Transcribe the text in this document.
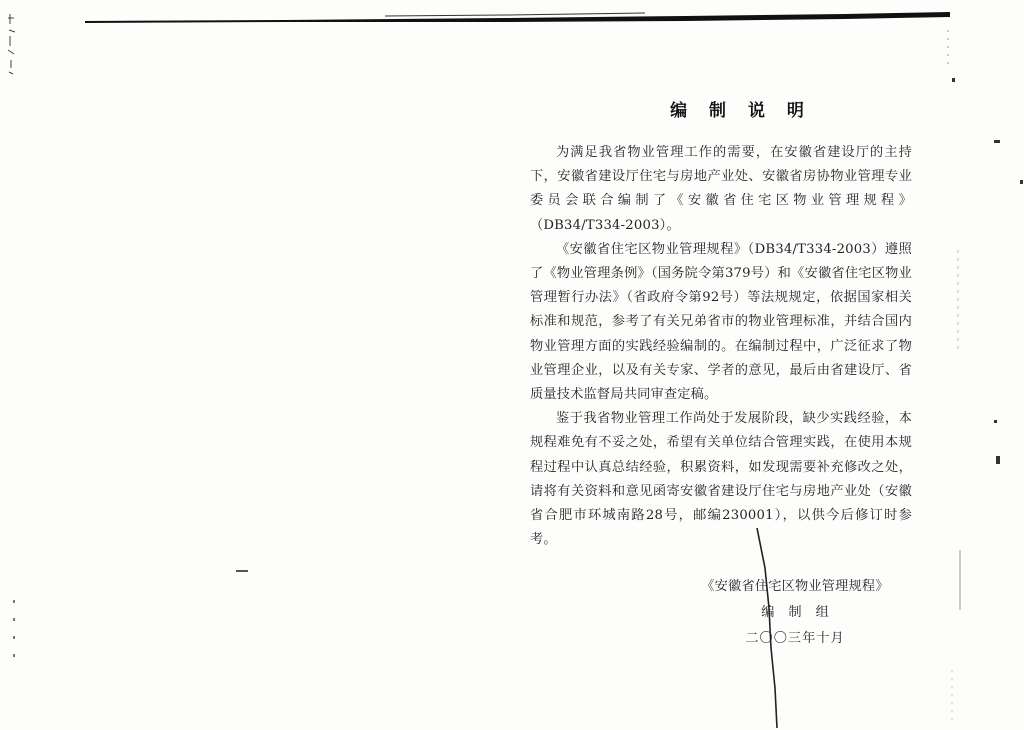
编 制 说 明

为满足我省物业管理工作的需要，在安徽省建设厅的主持下，安徽省建设厅住宅与房地产业处、安徽省房协物业管理专业委员会联合编制了《安徽省住宅区物业管理规程》（DB34/T334-2003）。

《安徽省住宅区物业管理规程》（DB34/T334-2003）遵照了《物业管理条例》（国务院令第379号）和《安徽省住宅区物业管理暂行办法》（省政府令第92号）等法规规定，依据国家相关标准和规范，参考了有关兄弟省市的物业管理标准，并结合国内物业管理方面的实践经验编制的。在编制过程中，广泛征求了物业管理企业，以及有关专家、学者的意见，最后由省建设厅、省质量技术监督局共同审查定稿。

鉴于我省物业管理工作尚处于发展阶段，缺少实践经验，本规程难免有不妥之处，希望有关单位结合管理实践，在使用本规程过程中认真总结经验，积累资料，如发现需要补充修改之处，请将有关资料和意见函寄安徽省建设厅住宅与房地产业处（安徽省合肥市环城南路28号，邮编230001），以供今后修订时参考。

《安徽省住宅区物业管理规程》
编制组
二〇〇三年十月
